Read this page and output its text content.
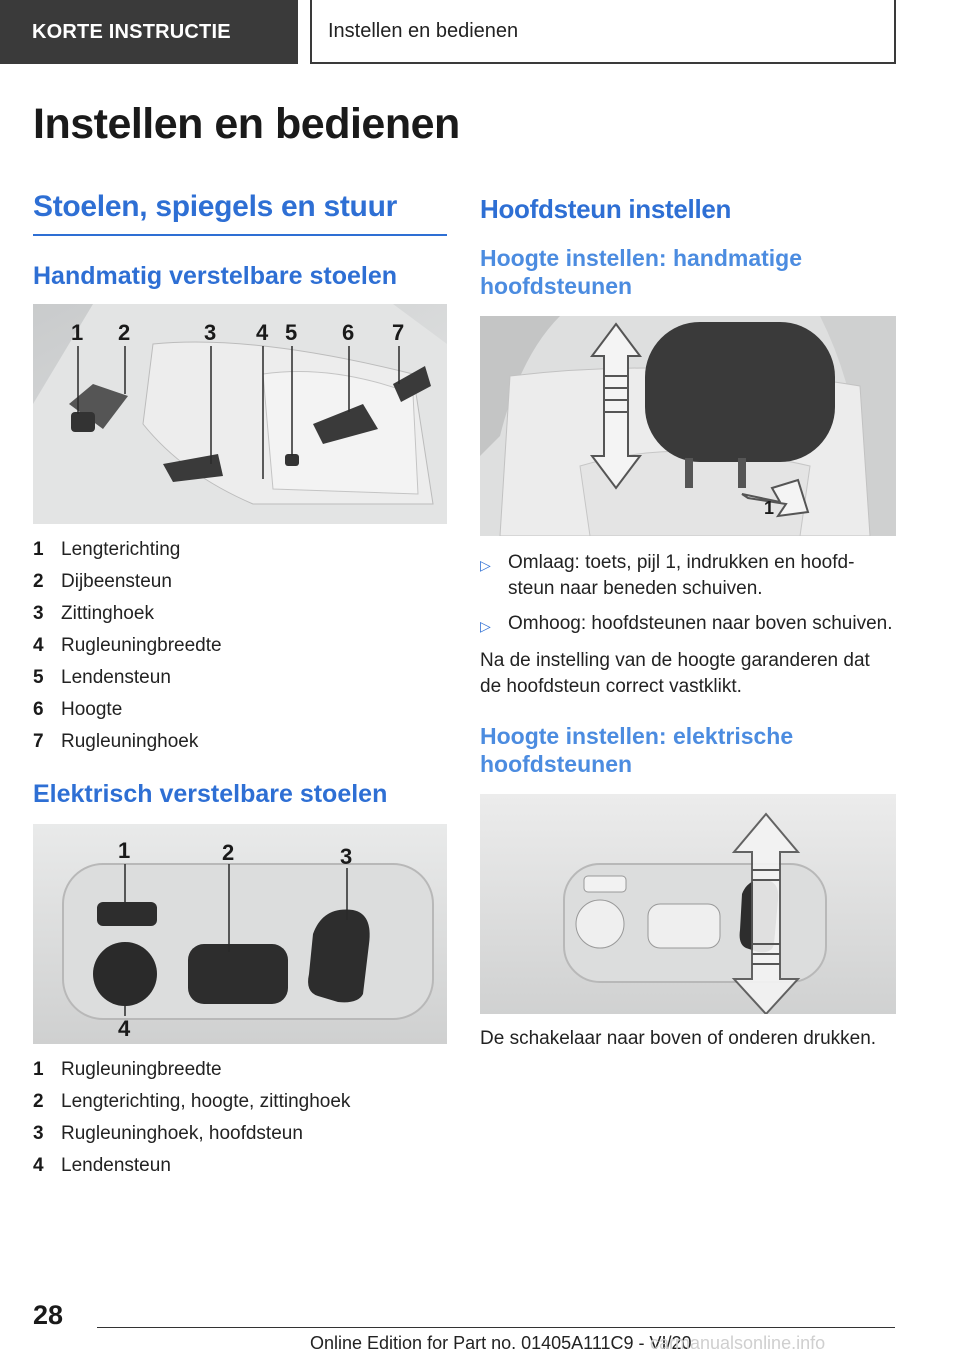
KORTE INSTRUCTIE	Instellen en bedienen
Instellen en bedienen
Stoelen, spiegels en stuur
Handmatig verstelbare stoelen
1 2	3 4 5 6 7
1 Lengterichting
2 Dijbeensteun
3 Zittinghoek
4 Rugleuningbreedte
5 Lendensteun
6 Hoogte
7 Rugleuninghoek
Elektrisch verstelbare stoelen
1	2	3
4
1 Rugleuningbreedte
2 Lengterichting, hoogte, zittinghoek
3 Rugleuninghoek, hoofdsteun
4 Lendensteun
Hoofdsteun instellen
Hoogte instellen: handmatige hoofdsteunen
1
▷ Omlaag: toets, pijl 1, indrukken en hoofd-steun naar beneden schuiven.
▷ Omhoog: hoofdsteunen naar boven schuiven.

Na de instelling van de hoogte garanderen dat de hoofdsteun correct vastklikt.

Hoogte instellen: elektrische hoofdsteunen

De schakelaar naar boven of onderen drukken.

28
Online Edition for Part no. 01405A111C9 - VI/20
carmanualsonline.info
